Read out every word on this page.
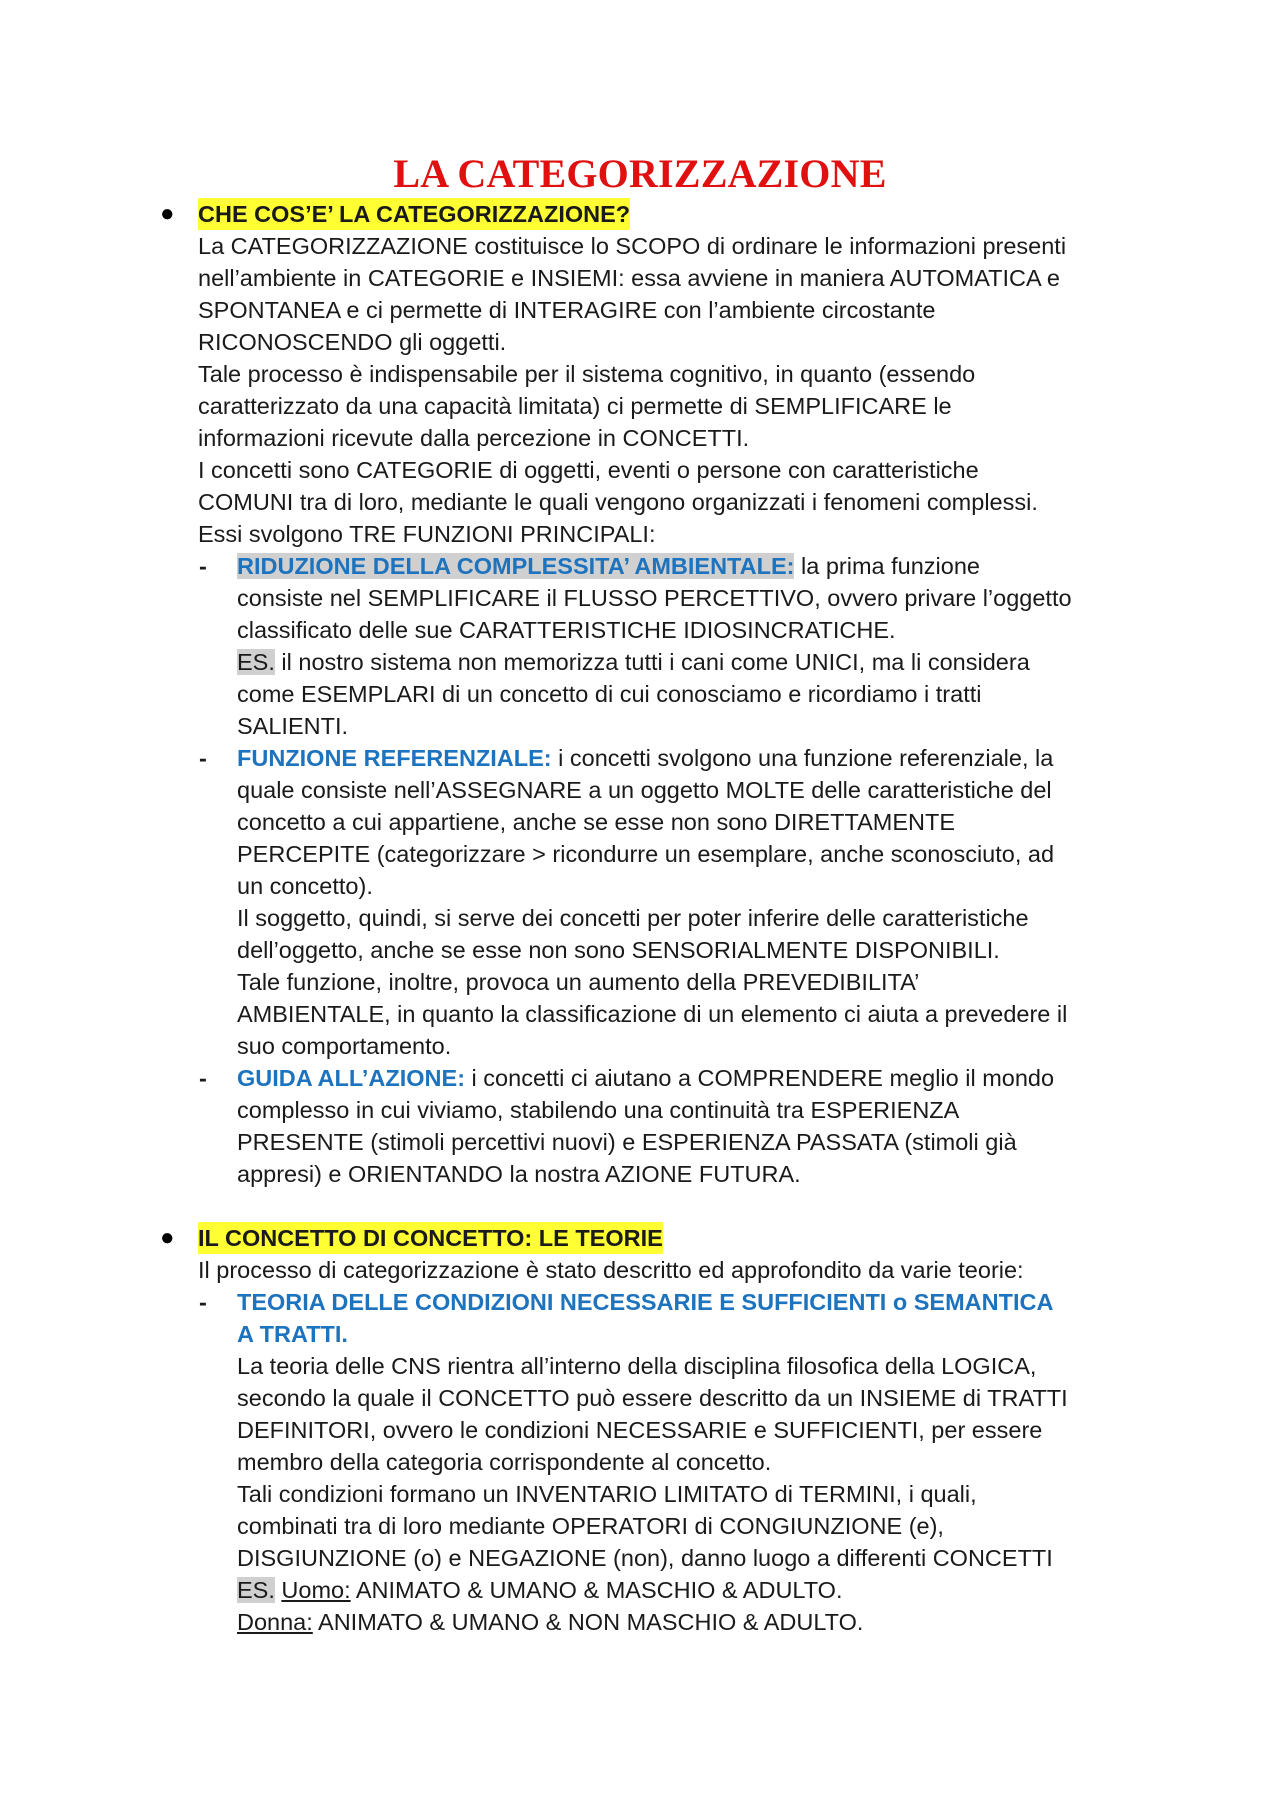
LA CATEGORIZZAZIONE
● CHE COS’E’ LA CATEGORIZZAZIONE?

La CATEGORIZZAZIONE costituisce lo SCOPO di ordinare le informazioni presenti

nell’ambiente in CATEGORIE e INSIEMI: essa avviene in maniera AUTOMATICA e

SPONTANEA e ci permette di INTERAGIRE con l’ambiente circostante

RICONOSCENDO gli oggetti.

Tale processo è indispensabile per il sistema cognitivo, in quanto (essendo

caratterizzato da una capacità limitata) ci permette di SEMPLIFICARE le

informazioni ricevute dalla percezione in CONCETTI.

I concetti sono CATEGORIE di oggetti, eventi o persone con caratteristiche

COMUNI tra di loro, mediante le quali vengono organizzati i fenomeni complessi.

Essi svolgono TRE FUNZIONI PRINCIPALI:

- RIDUZIONE DELLA COMPLESSITA’ AMBIENTALE: la prima funzione

consiste nel SEMPLIFICARE il FLUSSO PERCETTIVO, ovvero privare l’oggetto

classificato delle sue CARATTERISTICHE IDIOSINCRATICHE.

ES. il nostro sistema non memorizza tutti i cani come UNICI, ma li considera

come ESEMPLARI di un concetto di cui conosciamo e ricordiamo i tratti

SALIENTI.

- FUNZIONE REFERENZIALE: i concetti svolgono una funzione referenziale, la

quale consiste nell’ASSEGNARE a un oggetto MOLTE delle caratteristiche del

concetto a cui appartiene, anche se esse non sono DIRETTAMENTE

PERCEPITE (categorizzare > ricondurre un esemplare, anche sconosciuto, ad

un concetto).

Il soggetto, quindi, si serve dei concetti per poter inferire delle caratteristiche

dell’oggetto, anche se esse non sono SENSORIALMENTE DISPONIBILI.

Tale funzione, inoltre, provoca un aumento della PREVEDIBILITA’

AMBIENTALE, in quanto la classificazione di un elemento ci aiuta a prevedere il

suo comportamento.

- GUIDA ALL’AZIONE: i concetti ci aiutano a COMPRENDERE meglio il mondo

complesso in cui viviamo, stabilendo una continuità tra ESPERIENZA

PRESENTE (stimoli percettivi nuovi) e ESPERIENZA PASSATA (stimoli già

appresi) e ORIENTANDO la nostra AZIONE FUTURA.

● IL CONCETTO DI CONCETTO: LE TEORIE

Il processo di categorizzazione è stato descritto ed approfondito da varie teorie:

- TEORIA DELLE CONDIZIONI NECESSARIE E SUFFICIENTI o SEMANTICA

A TRATTI.

La teoria delle CNS rientra all’interno della disciplina filosofica della LOGICA,

secondo la quale il CONCETTO può essere descritto da un INSIEME di TRATTI

DEFINITORI, ovvero le condizioni NECESSARIE e SUFFICIENTI, per essere

membro della categoria corrispondente al concetto.

Tali condizioni formano un INVENTARIO LIMITATO di TERMINI, i quali,

combinati tra di loro mediante OPERATORI di CONGIUNZIONE (e),

DISGIUNZIONE (o) e NEGAZIONE (non), danno luogo a differenti CONCETTI

ES. Uomo: ANIMATO & UMANO & MASCHIO & ADULTO.

Donna: ANIMATO & UMANO & NON MASCHIO & ADULTO.
